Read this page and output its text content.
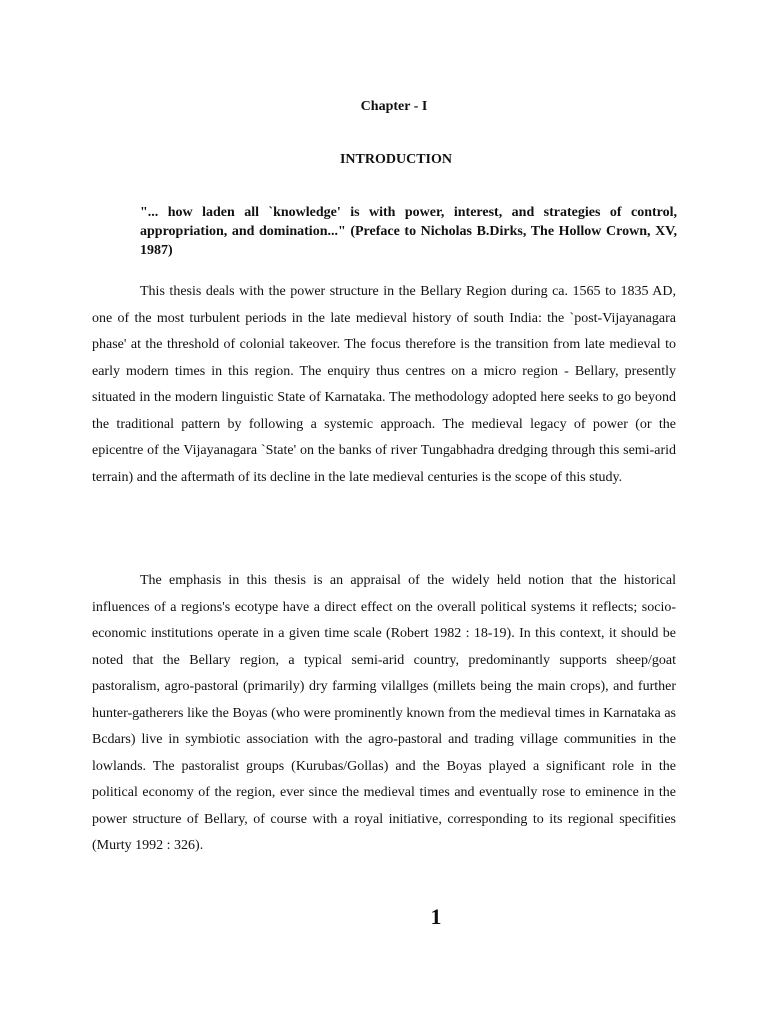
Chapter - I
INTRODUCTION
"... how laden all `knowledge' is with power, interest, and strategies of control, appropriation, and domination..." (Preface to Nicholas B.Dirks, The Hollow Crown, XV, 1987)

This thesis deals with the power structure in the Bellary Region during ca. 1565 to 1835 AD, one of the most turbulent periods in the late medieval history of south India: the `post-Vijayanagara phase' at the threshold of colonial takeover. The focus therefore is the transition from late medieval to early modern times in this region. The enquiry thus centres on a micro region - Bellary, presently situated in the modern linguistic State of Karnataka. The methodology adopted here seeks to go beyond the traditional pattern by following a systemic approach. The medieval legacy of power (or the epicentre of the Vijayanagara `State' on the banks of river Tungabhadra dredging through this semi-arid terrain) and the aftermath of its decline in the late medieval centuries is the scope of this study.

The emphasis in this thesis is an appraisal of the widely held notion that the historical influences of a regions's ecotype have a direct effect on the overall political systems it reflects; socio-economic institutions operate in a given time scale (Robert 1982 : 18-19). In this context, it should be noted that the Bellary region, a typical semi-arid country, predominantly supports sheep/goat pastoralism, agro-pastoral (primarily) dry farming vilallges (millets being the main crops), and further hunter-gatherers like the Boyas (who were prominently known from the medieval times in Karnataka as Bcdars) live in symbiotic association with the agro-pastoral and trading village communities in the lowlands. The pastoralist groups (Kurubas/Gollas) and the Boyas played a significant role in the political economy of the region, ever since the medieval times and eventually rose to eminence in the power structure of Bellary, of course with a royal initiative, corresponding to its regional specifities (Murty 1992 : 326).

1
